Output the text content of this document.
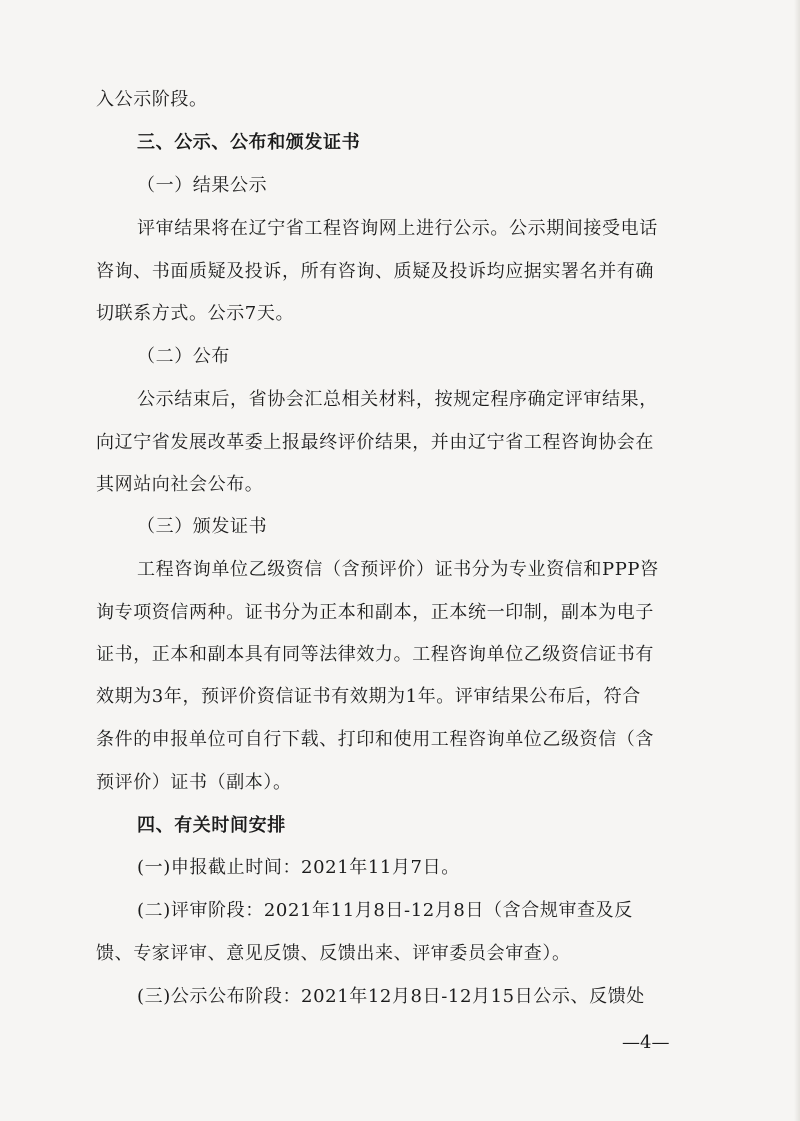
入公示阶段。
三、公示、公布和颁发证书
（一）结果公示
评审结果将在辽宁省工程咨询网上进行公示。公示期间接受电话
咨询、书面质疑及投诉，所有咨询、质疑及投诉均应据实署名并有确
切联系方式。公示7天。
（二）公布
公示结束后，省协会汇总相关材料，按规定程序确定评审结果，
向辽宁省发展改革委上报最终评价结果，并由辽宁省工程咨询协会在
其网站向社会公布。
（三）颁发证书
工程咨询单位乙级资信（含预评价）证书分为专业资信和PPP咨
询专项资信两种。证书分为正本和副本，正本统一印制，副本为电子
证书，正本和副本具有同等法律效力。工程咨询单位乙级资信证书有
效期为3年，预评价资信证书有效期为1年。评审结果公布后，符合
条件的申报单位可自行下载、打印和使用工程咨询单位乙级资信（含
预评价）证书（副本）。
四、有关时间安排
(一)申报截止时间：2021年11月7日。
(二)评审阶段：2021年11月8日-12月8日（含合规审查及反
馈、专家评审、意见反馈、反馈出来、评审委员会审查）。
(三)公示公布阶段：2021年12月8日-12月15日公示、反馈处
—4—
